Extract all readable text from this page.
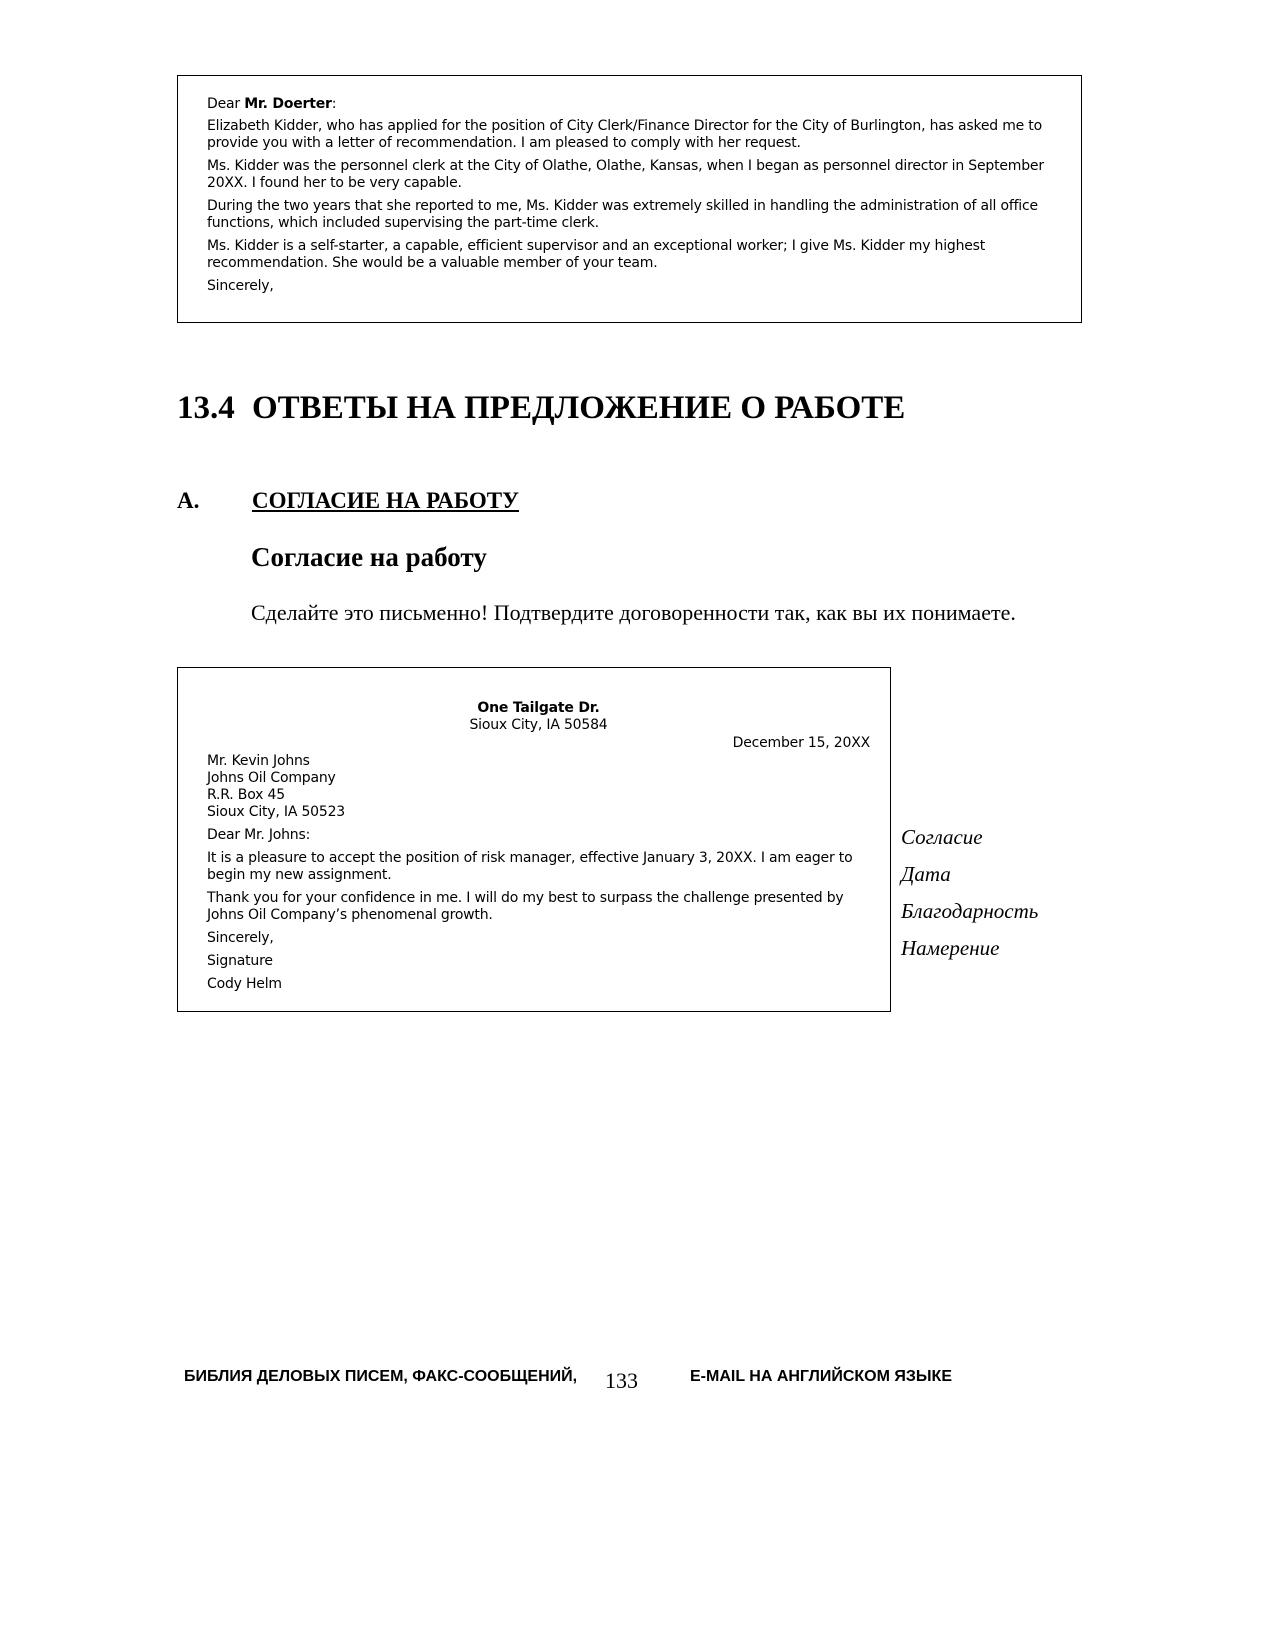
Dear Mr. Doerter:

Elizabeth Kidder, who has applied for the position of City Clerk/Finance Director for the City of Burlington, has asked me to provide you with a letter of recommendation. I am pleased to comply with her request.

Ms. Kidder was the personnel clerk at the City of Olathe, Olathe, Kansas, when I began as personnel director in September 20XX. I found her to be very capable.

During the two years that she reported to me, Ms. Kidder was extremely skilled in handling the administration of all office functions, which included supervising the part-time clerk.

Ms. Kidder is a self-starter, a capable, efficient supervisor and an exceptional worker; I give Ms. Kidder my highest recommendation. She would be a valuable member of your team.

Sincerely,

13.4 ОТВЕТЫ НА ПРЕДЛОЖЕНИЕ О РАБОТЕ
A. СОГЛАСИЕ НА РАБОТУ
Согласие на работу
Сделайте это письменно! Подтвердите договоренности так, как вы их понимаете.
One Tailgate Dr.
Sioux City, IA 50584
December 15, 20XX
Mr. Kevin Johns
Johns Oil Company
R.R. Box 45
Sioux City, IA 50523

Dear Mr. Johns:

It is a pleasure to accept the position of risk manager, effective January 3, 20XX. I am eager to begin my new assignment.

Thank you for your confidence in me. I will do my best to surpass the challenge presented by Johns Oil Company’s phenomenal growth.

Sincerely,

Signature

Cody Helm

Согласие
Дата
Благодарность
Намерение
БИБЛИЯ ДЕЛОВЫХ ПИСЕМ, ФАКС-СООБЩЕНИЙ, 133	E-MAIL НА АНГЛИЙСКОМ ЯЗЫКЕ
